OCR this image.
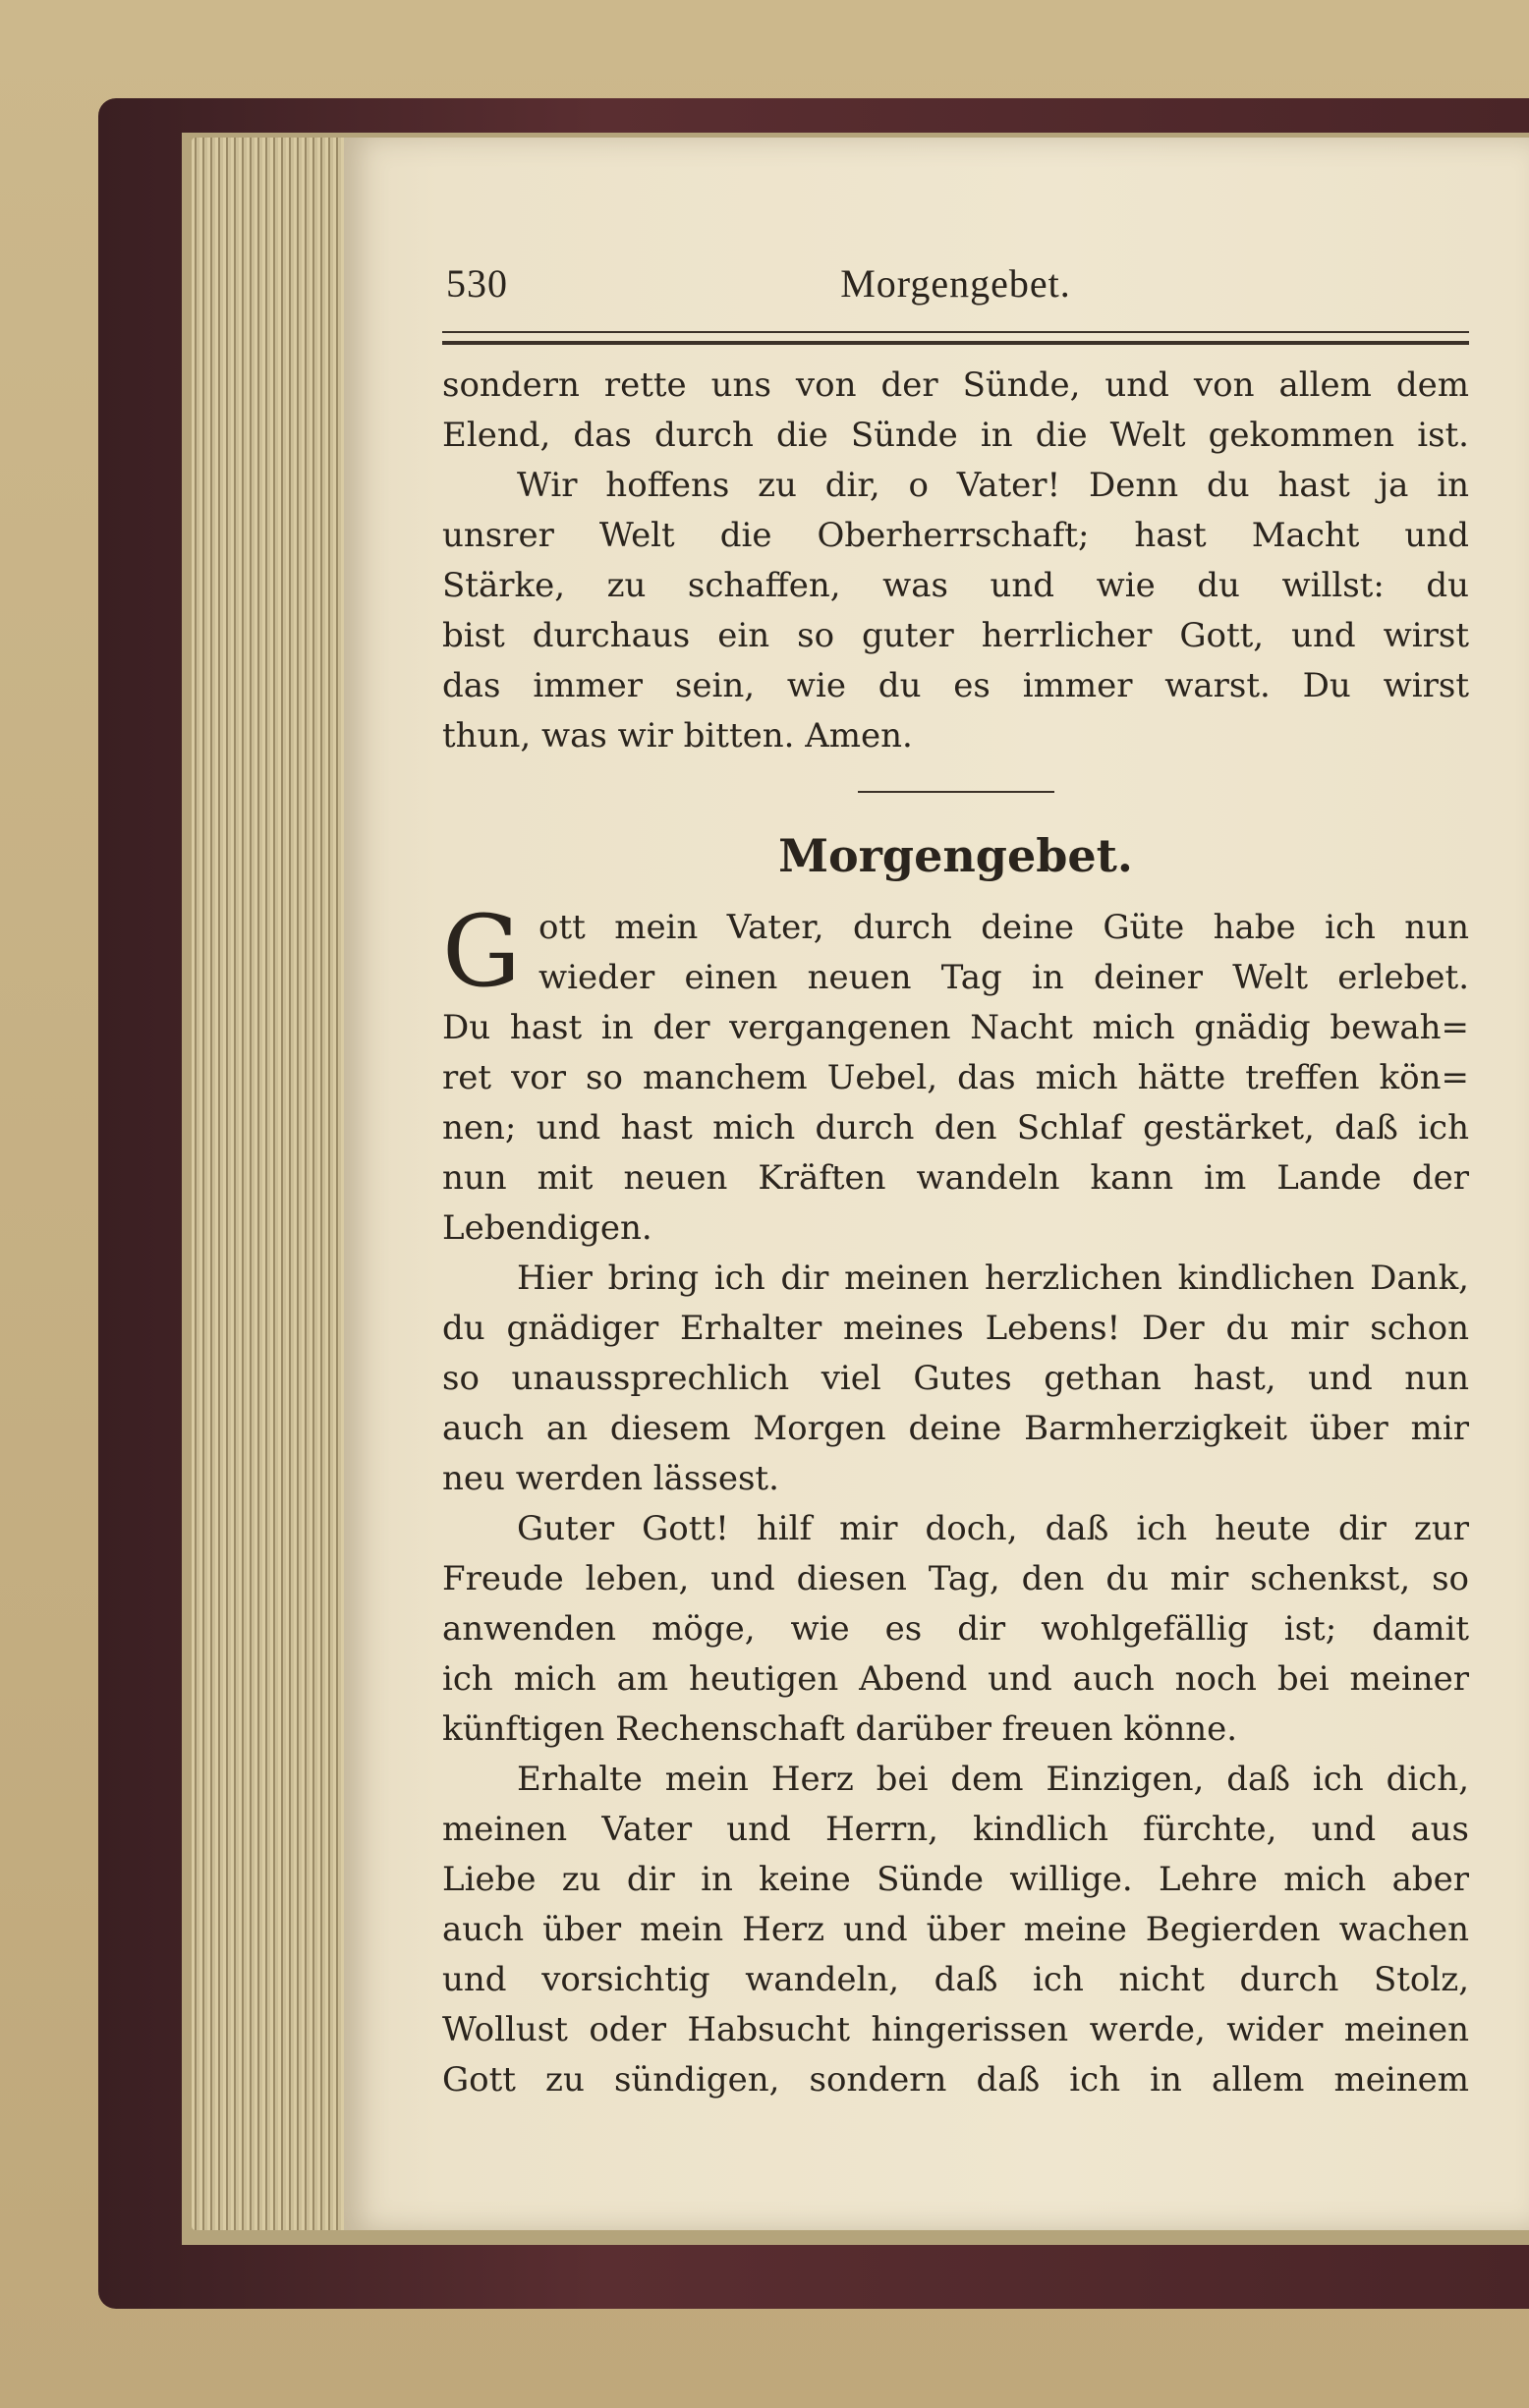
530	Morgengebet.
sondern rette uns von der Sünde, und von allem dem
Elend, das durch die Sünde in die Welt gekommen ist.
Wir hoffens zu dir, o Vater! Denn du hast ja in
unsrer Welt die Oberherrschaft; hast Macht und
Stärke, zu schaffen, was und wie du willst: du
bist durchaus ein so guter herrlicher Gott, und wirst
das immer sein, wie du es immer warst. Du wirst
thun, was wir bitten. Amen.
Morgengebet.
G ott mein Vater, durch deine Güte habe ich nun
wieder einen neuen Tag in deiner Welt erlebet.
Du hast in der vergangenen Nacht mich gnädig bewah=
ret vor so manchem Uebel, das mich hätte treffen kön=
nen; und hast mich durch den Schlaf gestärket, daß ich
nun mit neuen Kräften wandeln kann im Lande der
Lebendigen.
Hier bring ich dir meinen herzlichen kindlichen Dank,
du gnädiger Erhalter meines Lebens! Der du mir schon
so unaussprechlich viel Gutes gethan hast, und nun
auch an diesem Morgen deine Barmherzigkeit über mir
neu werden lässest.
Guter Gott! hilf mir doch, daß ich heute dir zur
Freude leben, und diesen Tag, den du mir schenkst, so
anwenden möge, wie es dir wohlgefällig ist; damit
ich mich am heutigen Abend und auch noch bei meiner
künftigen Rechenschaft darüber freuen könne.
Erhalte mein Herz bei dem Einzigen, daß ich dich,
meinen Vater und Herrn, kindlich fürchte, und aus
Liebe zu dir in keine Sünde willige. Lehre mich aber
auch über mein Herz und über meine Begierden wachen
und vorsichtig wandeln, daß ich nicht durch Stolz,
Wollust oder Habsucht hingerissen werde, wider meinen
Gott zu sündigen, sondern daß ich in allem meinem
